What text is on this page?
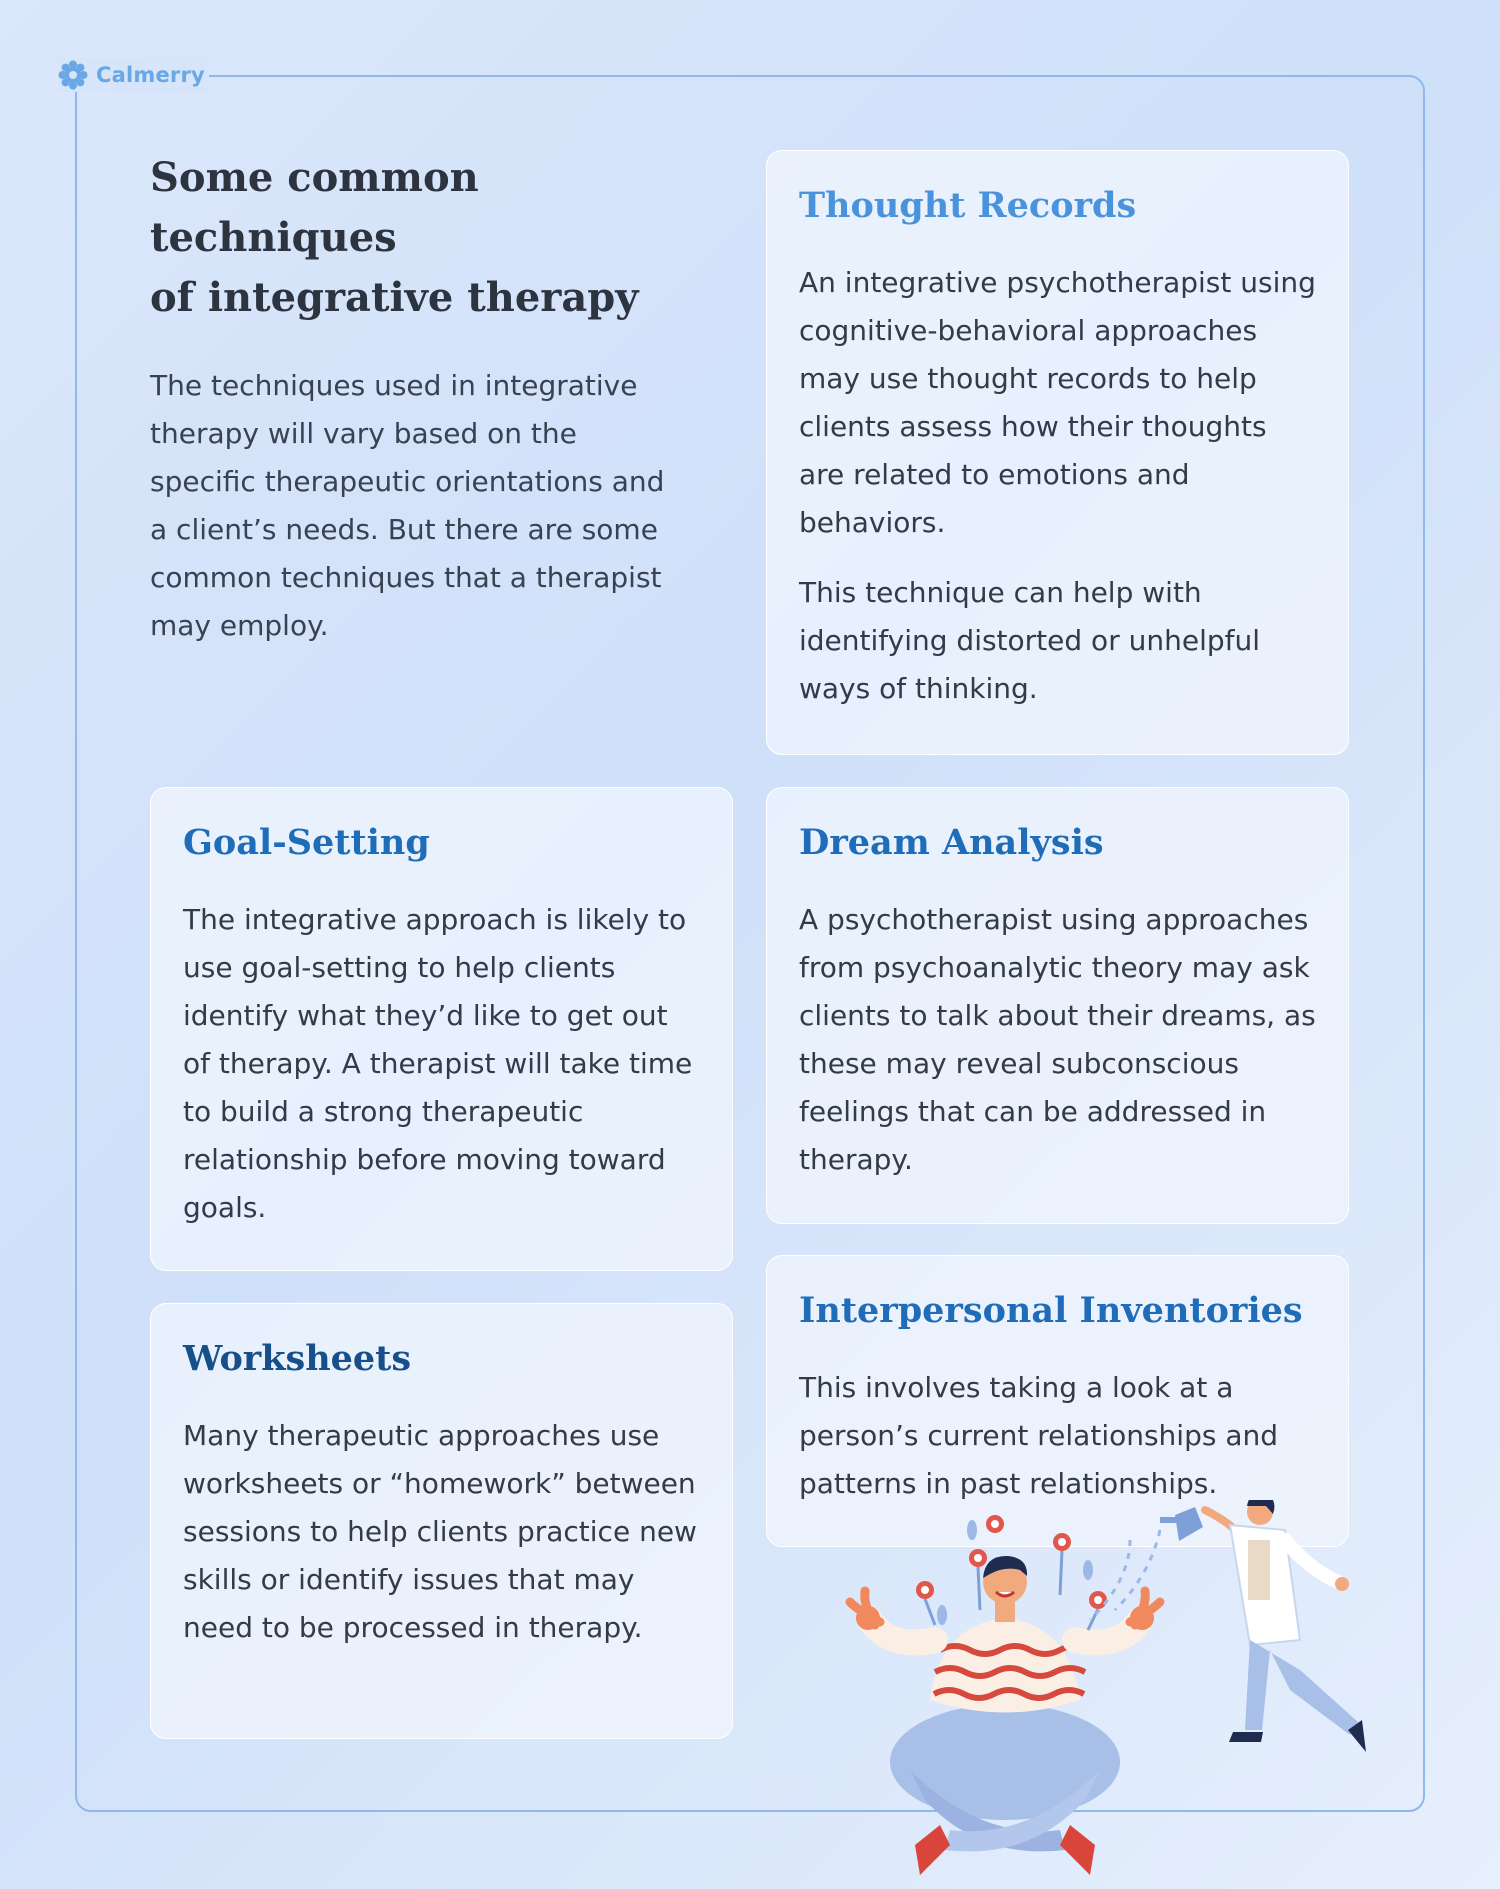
Calmerry
Some common
techniques
of integrative therapy

The techniques used in integrative therapy will vary based on the specific therapeutic orientations and a client’s needs. But there are some common techniques that a therapist may employ.

Thought Records

An integrative psychotherapist using cognitive-behavioral approaches may use thought records to help clients assess how their thoughts are related to emotions and behaviors.

This technique can help with identifying distorted or unhelpful ways of thinking.

Goal-Setting

The integrative approach is likely to use goal-setting to help clients identify what they’d like to get out of therapy. A therapist will take time to build a strong therapeutic relationship before moving toward goals.

Dream Analysis

A psychotherapist using approaches from psychoanalytic theory may ask clients to talk about their dreams, as these may reveal subconscious feelings that can be addressed in therapy.

Worksheets

Many therapeutic approaches use worksheets or “homework” between sessions to help clients practice new skills or identify issues that may need to be processed in therapy.

Interpersonal Inventories

This involves taking a look at a person’s current relationships and patterns in past relationships.
